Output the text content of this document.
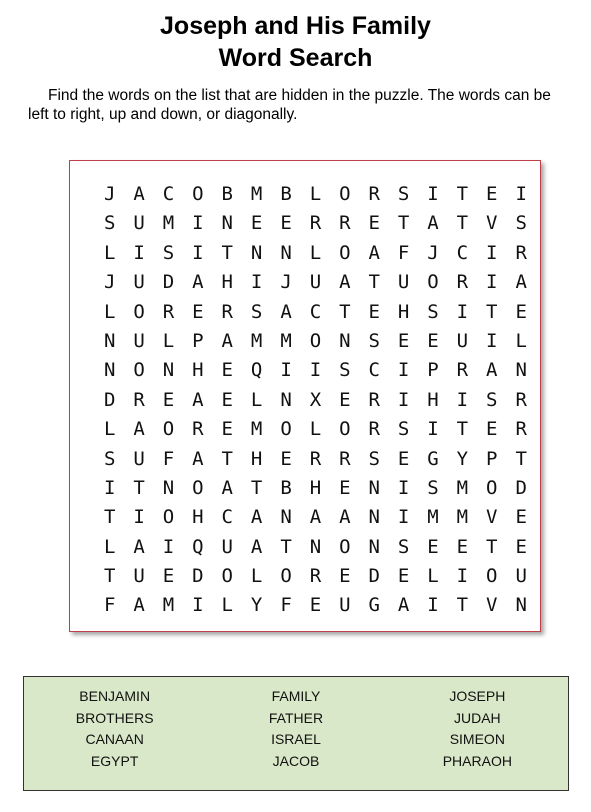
Joseph and His Family
Word Search

Find the words on the list that are hidden in the puzzle. The words can be left to right, up and down, or diagonally.

J A C O B M B L O R S I T E I
S U M I N E E R R E T A T V S
L I S I T N N L O A F J C I R
J U D A H I J U A T U O R I A
L O R E R S A C T E H S I T E
N U L P A M M O N S E E U I L
N O N H E Q I I S C I P R A N
D R E A E L N X E R I H I S R
L A O R E M O L O R S I T E R
S U F A T H E R R S E G Y P T
I T N O A T B H E N I S M O D
T I O H C A N A A N I M M V E
L A I Q U A T N O N S E E T E
T U E D O L O R E D E L I O U
F A M I L Y F E U G A I T V N
BENJAMIN	FAMILY	JOSEPH
BROTHERS	FATHER	JUDAH
CANAAN	ISRAEL	SIMEON
EGYPT	JACOB	PHARAOH
